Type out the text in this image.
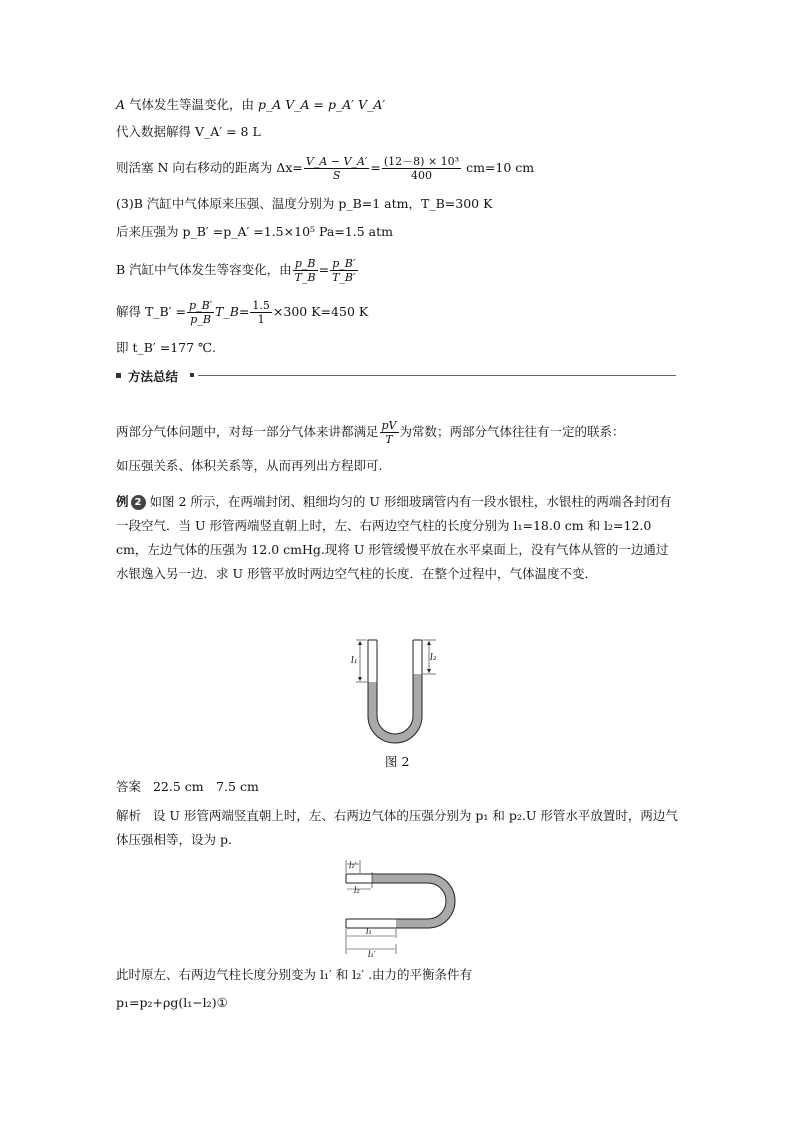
A 气体发生等温变化，由 p_A V_A = p_A′ V_A′
代入数据解得 V_A′ = 8 L
则活塞 N 向右移动的距离为 $\Delta x= \frac{V\_A - V\_A'}{S} = \frac{\text{(12－8) × 10³}}{400} cm=10$ cm
(3)B 汽缸中气体原来压强、温度分别为 p_B=1 atm，T_B=300 K
后来压强为 p_B′ =p_A′ =1.5×10⁵ Pa=1.5 atm
B 汽缸中气体发生等容变化，由 $\frac{p\_B}{T\_B} = \frac{p\_B'}{T\_B'}$
解得 T_B′ = $\frac{p\_B'}{p\_B}$ T_B= $\frac{1.5}{1} \times 300$ K=450 K
即 t_B′ =177 ℃.
方法总结
两部分气体问题中，对每一部分气体来讲都满足 $\frac{pV}{T}$ 为常数；两部分气体往往有一定的联系：
如压强关系、体积关系等，从而再列出方程即可.
例 2 如图 2 所示，在两端封闭、粗细均匀的 U 形细玻璃管内有一段水银柱，水银柱的两端各封闭有一段空气．当 U 形管两端竖直朝上时，左、右两边空气柱的长度分别为 l₁=18.0 cm 和 l₂=12.0 cm，左边气体的压强为 12.0 cmHg.现将 U 形管缓慢平放在水平桌面上，没有气体从管的一边通过水银逸入另一边．求 U 形管平放时两边空气柱的长度．在整个过程中，气体温度不变．
l₁	l₂
图 2
答案 22.5 cm　7.5 cm
解析 设 U 形管两端竖直朝上时，左、右两边气体的压强分别为 p₁ 和 p₂.U 形管水平放置时，两边气体压强相等，设为 p.
l₂′
l₂
l₁
l₁′
此时原左、右两边气柱长度分别变为 l₁′ 和 l₂′ .由力的平衡条件有
p₁=p₂+ρg(l₁−l₂)①
